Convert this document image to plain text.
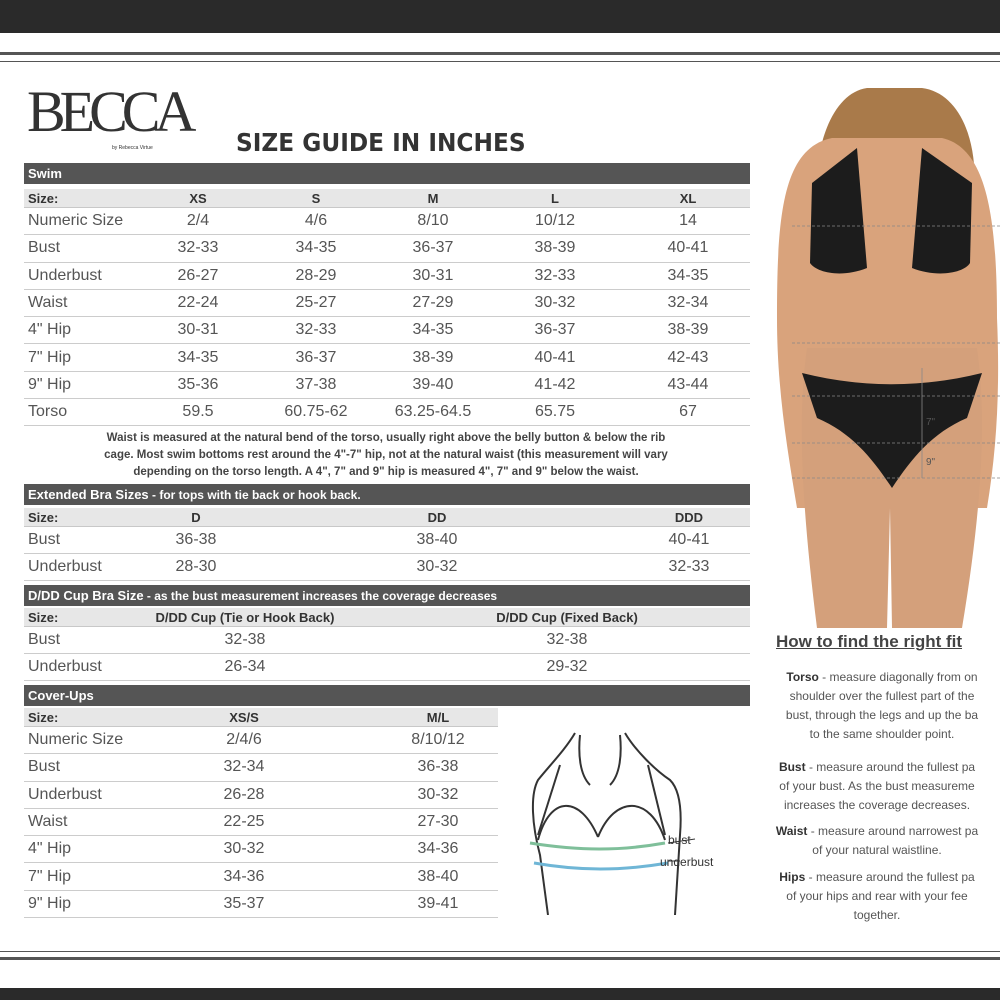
BECCA
by Rebecca Virtue	SIZE GUIDE IN INCHES
Swim
Size:	XS	S	M	L	XL
Numeric Size	2/4	4/6	8/10	10/12	14
Bust	32-33	34-35	36-37	38-39	40-41
Underbust	26-27	28-29	30-31	32-33	34-35
Waist	22-24	25-27	27-29	30-32	32-34
4" Hip	30-31	32-33	34-35	36-37	38-39
7" Hip	34-35	36-37	38-39	40-41	42-43
9" Hip	35-36	37-38	39-40	41-42	43-44
Torso	59.5	60.75-62	63.25-64.5	65.75	67
Extended Bra Sizes - for tops with tie back or hook back.
Size:	D	DD	DDD
Bust	36-38	38-40	40-41
Underbust	28-30	30-32	32-33
D/DD Cup Bra Size - as the bust measurement increases the coverage decreases
Size:	D/DD Cup (Tie or Hook Back)	D/DD Cup (Fixed Back)
Bust	32-38	32-38
Underbust	26-34	29-32
Cover-Ups
Size:	XS/S	M/L
Numeric Size	2/4/6	8/10/12
Bust	32-34	36-38
Underbust	26-28	30-32
Waist	22-25	27-30
4" Hip	30-32	34-36
7" Hip	34-36	38-40
9" Hip	35-37	39-41
Waist is measured at the natural bend of the torso, usually right above the belly button & below the rib
cage. Most swim bottoms rest around the 4"-7" hip, not at the natural waist (this measurement will vary
depending on the torso length. A 4", 7" and 9" hip is measured 4", 7" and 9" below the waist.
7"
9"
How to find the right fit
Torso - measure diagonally from on
shoulder over the fullest part of the
bust, through the legs and up the ba
to the same shoulder point.
Bust - measure around the fullest pa
of your bust. As the bust measureme
increases the coverage decreases.
Waist - measure around narrowest pa
of your natural waistline.
Hips - measure around the fullest pa
of your hips and rear with your fee
together.
bust
underbust
